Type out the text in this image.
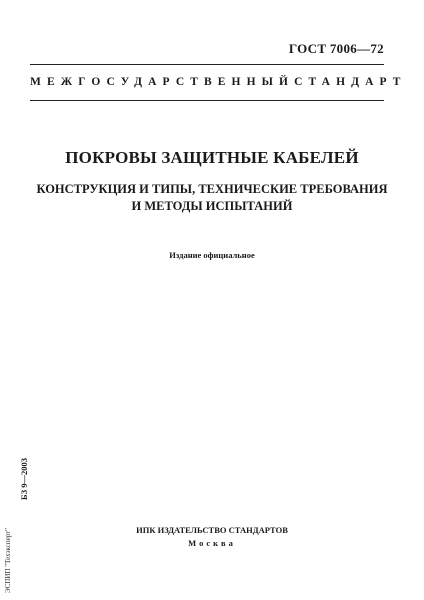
ГОСТ 7006—72
МЕЖГОСУДАРСТВЕННЫЙ СТАНДАРТ
ПОКРОВЫ ЗАЩИТНЫЕ КАБЕЛЕЙ
КОНСТРУКЦИЯ И ТИПЫ, ТЕХНИЧЕСКИЕ ТРЕБОВАНИЯ
И МЕТОДЫ ИСПЫТАНИЙ
Издание официальное
БЗ 9—2003
ЭСПИП "Техэксперт"	ИПК ИЗДАТЕЛЬСТВО СТАНДАРТОВ
Москва
